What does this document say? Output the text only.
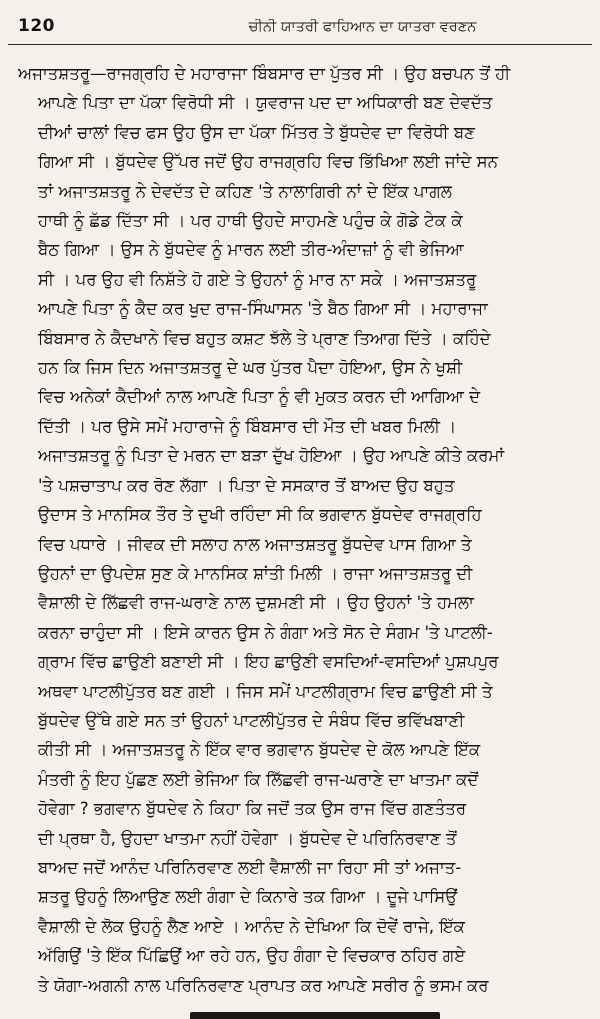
120	ਚੀਨੀ ਯਾਤਰੀ ਫਾਹਿਆਨ ਦਾ ਯਾਤਰਾ ਵਰਣਨ
ਅਜਾਤਸ਼ਤਰੂ—ਰਾਜਗ੍ਰਹਿ ਦੇ ਮਹਾਰਾਜਾ ਬਿੰਬਸਾਰ ਦਾ ਪੁੱਤਰ ਸੀ । ਉਹ ਬਚਪਨ ਤੋਂ ਹੀ
ਆਪਣੇ ਪਿਤਾ ਦਾ ਪੱਕਾ ਵਿਰੋਧੀ ਸੀ । ਯੁਵਰਾਜ ਪਦ ਦਾ ਅਧਿਕਾਰੀ ਬਣ ਦੇਵਦੱਤ
ਦੀਆਂ ਚਾਲਾਂ ਵਿਚ ਫਸ ਉਹ ਉਸ ਦਾ ਪੱਕਾ ਮਿੱਤਰ ਤੇ ਬੁੱਧਦੇਵ ਦਾ ਵਿਰੋਧੀ ਬਣ
ਗਿਆ ਸੀ । ਬੁੱਧਦੇਵ ਉੱਪਰ ਜਦੋਂ ਉਹ ਰਾਜਗ੍ਰਹਿ ਵਿਚ ਭਿੱਖਿਆ ਲਈ ਜਾਂਦੇ ਸਨ
ਤਾਂ ਅਜਾਤਸ਼ਤਰੂ ਨੇ ਦੇਵਦੱਤ ਦੇ ਕਹਿਣ 'ਤੇ ਨਾਲਾਗਿਰੀ ਨਾਂ ਦੇ ਇੱਕ ਪਾਗਲ
ਹਾਥੀ ਨੂੰ ਛੱਡ ਦਿੱਤਾ ਸੀ । ਪਰ ਹਾਥੀ ਉਹਦੇ ਸਾਹਮਣੇ ਪਹੁੰਚ ਕੇ ਗੋਡੇ ਟੇਕ ਕੇ
ਬੈਠ ਗਿਆ । ਉਸ ਨੇ ਬੁੱਧਦੇਵ ਨੂੰ ਮਾਰਨ ਲਈ ਤੀਰ-ਅੰਦਾਜ਼ਾਂ ਨੂੰ ਵੀ ਭੇਜਿਆ
ਸੀ । ਪਰ ਉਹ ਵੀ ਨਿਸ਼ੱਤੇ ਹੋ ਗਏ ਤੇ ਉਹਨਾਂ ਨੂੰ ਮਾਰ ਨਾ ਸਕੇ । ਅਜਾਤਸ਼ਤਰੂ
ਆਪਣੇ ਪਿਤਾ ਨੂੰ ਕੈਦ ਕਰ ਖੁਦ ਰਾਜ-ਸਿੰਘਾਸਨ 'ਤੇ ਬੈਠ ਗਿਆ ਸੀ । ਮਹਾਰਾਜਾ
ਬਿੰਬਸਾਰ ਨੇ ਕੈਦਖਾਨੇ ਵਿਚ ਬਹੁਤ ਕਸ਼ਟ ਝੱਲੇ ਤੇ ਪ੍ਰਾਣ ਤਿਆਗ ਦਿੱਤੇ । ਕਹਿੰਦੇ
ਹਨ ਕਿ ਜਿਸ ਦਿਨ ਅਜਾਤਸ਼ਤਰੂ ਦੇ ਘਰ ਪੁੱਤਰ ਪੈਦਾ ਹੋਇਆ, ਉਸ ਨੇ ਖੁਸ਼ੀ
ਵਿਚ ਅਨੇਕਾਂ ਕੈਦੀਆਂ ਨਾਲ ਆਪਣੇ ਪਿਤਾ ਨੂੰ ਵੀ ਮੁਕਤ ਕਰਨ ਦੀ ਆਗਿਆ ਦੇ
ਦਿੱਤੀ । ਪਰ ਉਸੇ ਸਮੇਂ ਮਹਾਰਾਜੇ ਨੂੰ ਬਿੰਬਸਾਰ ਦੀ ਮੌਤ ਦੀ ਖਬਰ ਮਿਲੀ ।
ਅਜਾਤਸ਼ਤਰੂ ਨੂੰ ਪਿਤਾ ਦੇ ਮਰਨ ਦਾ ਬੜਾ ਦੁੱਖ ਹੋਇਆ । ਉਹ ਆਪਣੇ ਕੀਤੇ ਕਰਮਾਂ
'ਤੇ ਪਸ਼ਚਾਤਾਪ ਕਰ ਰੋਣ ਲੱਗਾ । ਪਿਤਾ ਦੇ ਸਸਕਾਰ ਤੋਂ ਬਾਅਦ ਉਹ ਬਹੁਤ
ਉਦਾਸ ਤੇ ਮਾਨਸਿਕ ਤੌਰ ਤੇ ਦੁਖੀ ਰਹਿੰਦਾ ਸੀ ਕਿ ਭਗਵਾਨ ਬੁੱਧਦੇਵ ਰਾਜਗ੍ਰਹਿ
ਵਿਚ ਪਧਾਰੇ । ਜੀਵਕ ਦੀ ਸਲਾਹ ਨਾਲ ਅਜਾਤਸ਼ਤਰੂ ਬੁੱਧਦੇਵ ਪਾਸ ਗਿਆ ਤੇ
ਉਹਨਾਂ ਦਾ ਉਪਦੇਸ਼ ਸੁਣ ਕੇ ਮਾਨਸਿਕ ਸ਼ਾਂਤੀ ਮਿਲੀ । ਰਾਜਾ ਅਜਾਤਸ਼ਤਰੂ ਦੀ
ਵੈਸ਼ਾਲੀ ਦੇ ਲਿੱਛਵੀ ਰਾਜ-ਘਰਾਣੇ ਨਾਲ ਦੁਸ਼ਮਣੀ ਸੀ । ਉਹ ਉਹਨਾਂ 'ਤੇ ਹਮਲਾ
ਕਰਨਾ ਚਾਹੁੰਦਾ ਸੀ । ਇਸੇ ਕਾਰਨ ਉਸ ਨੇ ਗੰਗਾ ਅਤੇ ਸੋਨ ਦੇ ਸੰਗਮ 'ਤੇ ਪਾਟਲੀ-
ਗ੍ਰਾਮ ਵਿੱਚ ਛਾਉਣੀ ਬਣਾਈ ਸੀ । ਇਹ ਛਾਉਣੀ ਵਸਦਿਆਂ-ਵਸਦਿਆਂ ਪੁਸ਼ਪਪੁਰ
ਅਥਵਾ ਪਾਟਲੀਪੁੱਤਰ ਬਣ ਗਈ । ਜਿਸ ਸਮੇਂ ਪਾਟਲੀਗ੍ਰਾਮ ਵਿਚ ਛਾਉਣੀ ਸੀ ਤੇ
ਬੁੱਧਦੇਵ ਉੱਥੇ ਗਏ ਸਨ ਤਾਂ ਉਹਨਾਂ ਪਾਟਲੀਪੁੱਤਰ ਦੇ ਸੰਬੰਧ ਵਿੱਚ ਭਵਿੱਖਬਾਣੀ
ਕੀਤੀ ਸੀ । ਅਜਾਤਸ਼ਤਰੂ ਨੇ ਇੱਕ ਵਾਰ ਭਗਵਾਨ ਬੁੱਧਦੇਵ ਦੇ ਕੋਲ ਆਪਣੇ ਇੱਕ
ਮੰਤਰੀ ਨੂੰ ਇਹ ਪੁੱਛਣ ਲਈ ਭੇਜਿਆ ਕਿ ਲਿੱਛਵੀ ਰਾਜ-ਘਰਾਣੇ ਦਾ ਖਾਤਮਾ ਕਦੋਂ
ਹੋਵੇਗਾ ? ਭਗਵਾਨ ਬੁੱਧਦੇਵ ਨੇ ਕਿਹਾ ਕਿ ਜਦੋਂ ਤਕ ਉਸ ਰਾਜ ਵਿੱਚ ਗਣਤੰਤਰ
ਦੀ ਪ੍ਰਥਾ ਹੈ, ਉਹਦਾ ਖਾਤਮਾ ਨਹੀਂ ਹੋਵੇਗਾ । ਬੁੱਧਦੇਵ ਦੇ ਪਰਿਨਿਰਵਾਣ ਤੋਂ
ਬਾਅਦ ਜਦੋਂ ਆਨੰਦ ਪਰਿਨਿਰਵਾਣ ਲਈ ਵੈਸ਼ਾਲੀ ਜਾ ਰਿਹਾ ਸੀ ਤਾਂ ਅਜਾਤ-
ਸ਼ਤਰੂ ਉਹਨੂੰ ਲਿਆਉਣ ਲਈ ਗੰਗਾ ਦੇ ਕਿਨਾਰੇ ਤਕ ਗਿਆ । ਦੂਜੇ ਪਾਸਿਉਂ
ਵੈਸ਼ਾਲੀ ਦੇ ਲੋਕ ਉਹਨੂੰ ਲੈਣ ਆਏ । ਆਨੰਦ ਨੇ ਦੇਖਿਆ ਕਿ ਦੋਵੇਂ ਰਾਜੇ, ਇੱਕ
ਅੱਗਿਉਂ 'ਤੇ ਇੱਕ ਪਿੱਛਿਉਂ ਆ ਰਹੇ ਹਨ, ਉਹ ਗੰਗਾ ਦੇ ਵਿਚਕਾਰ ਠਹਿਰ ਗਏ
ਤੇ ਯੋਗਾ-ਅਗਨੀ ਨਾਲ ਪਰਿਨਿਰਵਾਣ ਪ੍ਰਾਪਤ ਕਰ ਆਪਣੇ ਸਰੀਰ ਨੂੰ ਭਸਮ ਕਰ
